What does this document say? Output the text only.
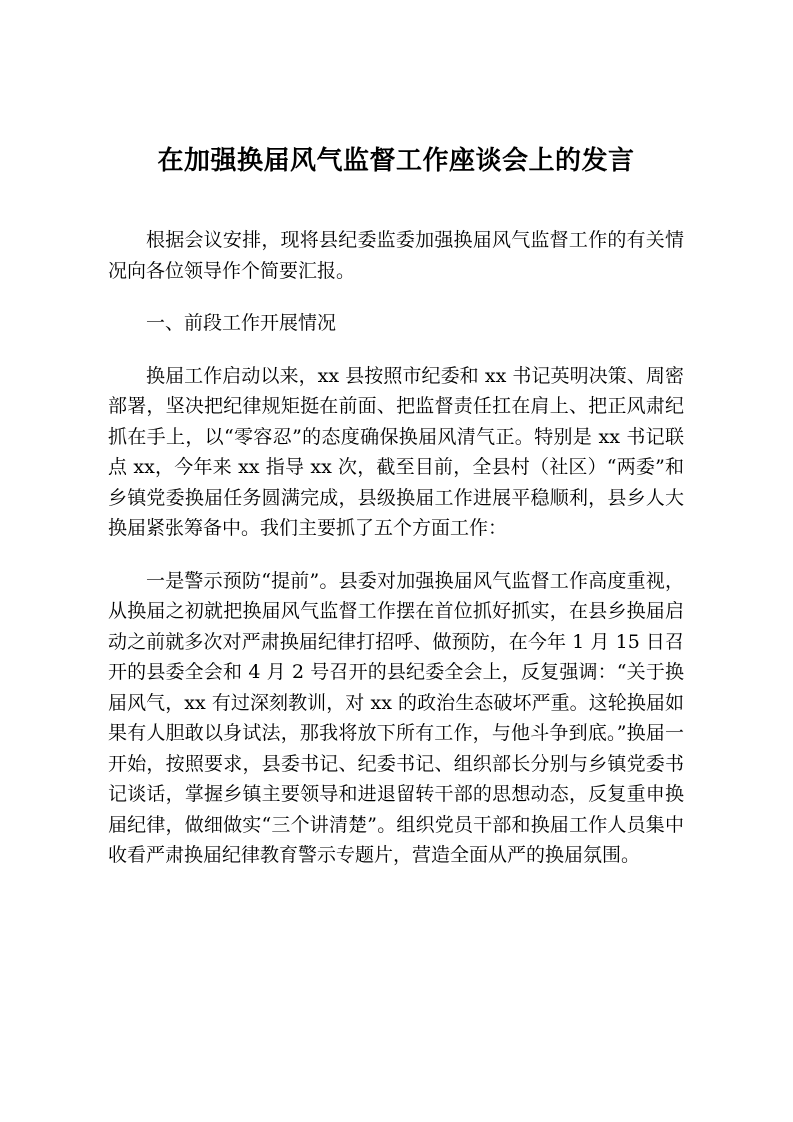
在加强换届风气监督工作座谈会上的发言

根据会议安排，现将县纪委监委加强换届风气监督工作的有关情况向各位领导作个简要汇报。

一、前段工作开展情况

换届工作启动以来，xx 县按照市纪委和 xx 书记英明决策、周密部署，坚决把纪律规矩挺在前面、把监督责任扛在肩上、把正风肃纪抓在手上，以“零容忍”的态度确保换届风清气正。特别是 xx 书记联点 xx，今年来 xx 指导 xx 次，截至目前，全县村（社区）“两委”和乡镇党委换届任务圆满完成，县级换届工作进展平稳顺利，县乡人大换届紧张筹备中。我们主要抓了五个方面工作：

一是警示预防“提前”。县委对加强换届风气监督工作高度重视，从换届之初就把换届风气监督工作摆在首位抓好抓实，在县乡换届启动之前就多次对严肃换届纪律打招呼、做预防，在今年 1 月 15 日召开的县委全会和 4 月 2 号召开的县纪委全会上，反复强调：“关于换届风气，xx 有过深刻教训，对 xx 的政治生态破坏严重。这轮换届如果有人胆敢以身试法，那我将放下所有工作，与他斗争到底。”换届一开始，按照要求，县委书记、纪委书记、组织部长分别与乡镇党委书记谈话，掌握乡镇主要领导和进退留转干部的思想动态，反复重申换届纪律，做细做实“三个讲清楚”。组织党员干部和换届工作人员集中收看严肃换届纪律教育警示专题片，营造全面从严的换届氛围。
